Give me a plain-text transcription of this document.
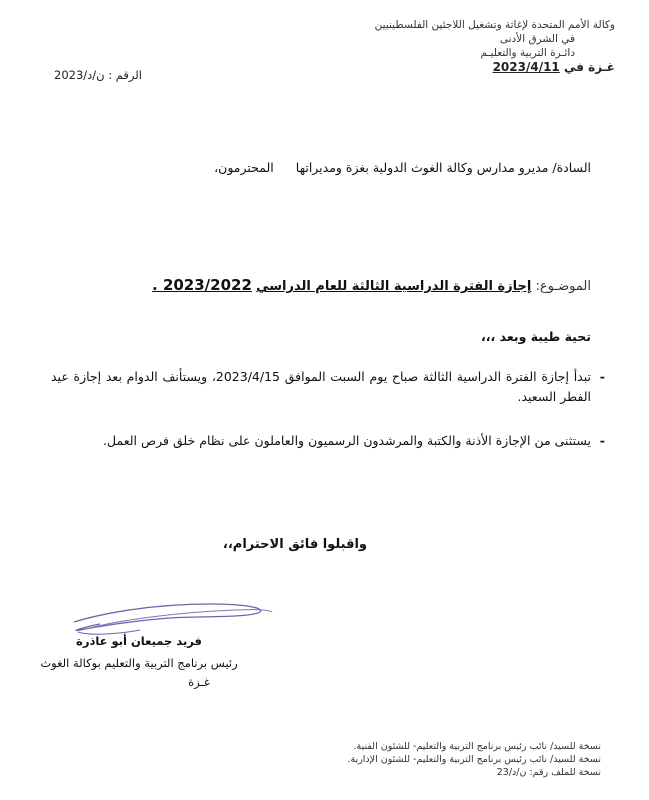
وكالة الأمم المتحدة لإغاثة وتشغيل اللاجئين الفلسطينيين
في الشرق الأدنى
دائـرة التربية والتعليـم
غـزة في 2023/4/11
الرقم : ن/د/2023
السادة/ مديرو مدارس وكالة الغوث الدولية بغزة ومديراتهاالمحترمون،
الموضـوع: إجازة الفترة الدراسية الثالثة للعام الدراسي 2023/2022 .
تحية طيبة وبعد ،،،
-

تبدأ إجازة الفترة الدراسية الثالثة صباح يوم السبت الموافق 2023/4/15، ويستأنف الدوام بعد إجازة عيد الفطر السعيد.

-

يستثنى من الإجازة الأذنة والكتبة والمرشدون الرسميون والعاملون على نظام خلق فرص العمل.

واقبلوا فائق الاحترام،،
فريد جميعان أبو عاذرة
رئيس برنامج التربية والتعليم بوكالة الغوث
غـزة
نسخة للسيد/ نائب رئيس برنامج التربية والتعليم- للشئون الفنية.
نسخة للسيد/ نائب رئيس برنامج التربية والتعليم- للشئون الإدارية.
نسخة للملف رقم: ن/د/23
